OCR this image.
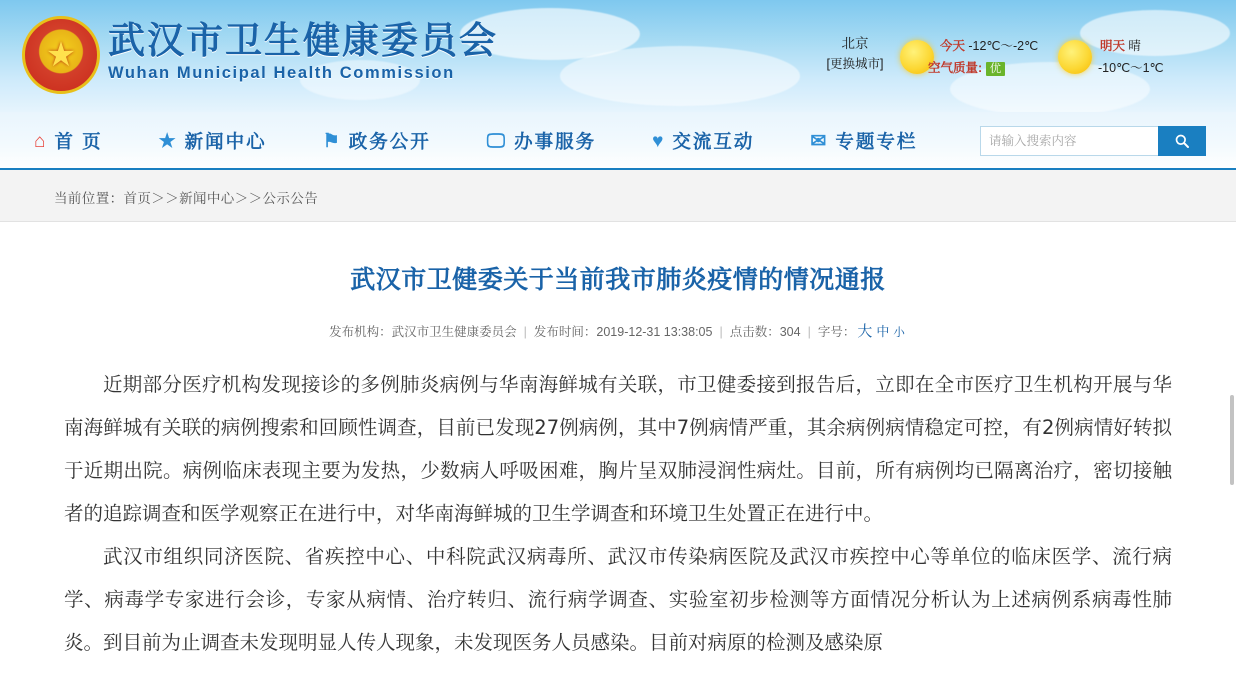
★ 武汉市卫生健康委员会
Wuhan Municipal Health Commission
北京
[更换城市]
今天 -12℃～-2℃
空气质量: 优
明天 晴
-10℃～1℃
⌂ 首 页	★ 新闻中心	⚑ 政务公开	🖵 办事服务	♥ 交流互动	✉ 专题专栏
请输入搜索内容
当前位置：首页＞＞新闻中心＞＞公示公告
武汉市卫健委关于当前我市肺炎疫情的情况通报
发布机构：武汉市卫生健康委员会 | 发布时间：2019-12-31 13:38:05 | 点击数：304 | 字号： 大 中 小

近期部分医疗机构发现接诊的多例肺炎病例与华南海鲜城有关联，市卫健委接到报告后，立即在全市医疗卫生机构开展与华南海鲜城有关联的病例搜索和回顾性调查，目前已发现27例病例，其中7例病情严重，其余病例病情稳定可控，有2例病情好转拟于近期出院。病例临床表现主要为发热，少数病人呼吸困难，胸片呈双肺浸润性病灶。目前，所有病例均已隔离治疗，密切接触者的追踪调查和医学观察正在进行中，对华南海鲜城的卫生学调查和环境卫生处置正在进行中。

武汉市组织同济医院、省疾控中心、中科院武汉病毒所、武汉市传染病医院及武汉市疾控中心等单位的临床医学、流行病学、病毒学专家进行会诊，专家从病情、治疗转归、流行病学调查、实验室初步检测等方面情况分析认为上述病例系病毒性肺炎。到目前为止调查未发现明显人传人现象，未发现医务人员感染。目前对病原的检测及感染原
